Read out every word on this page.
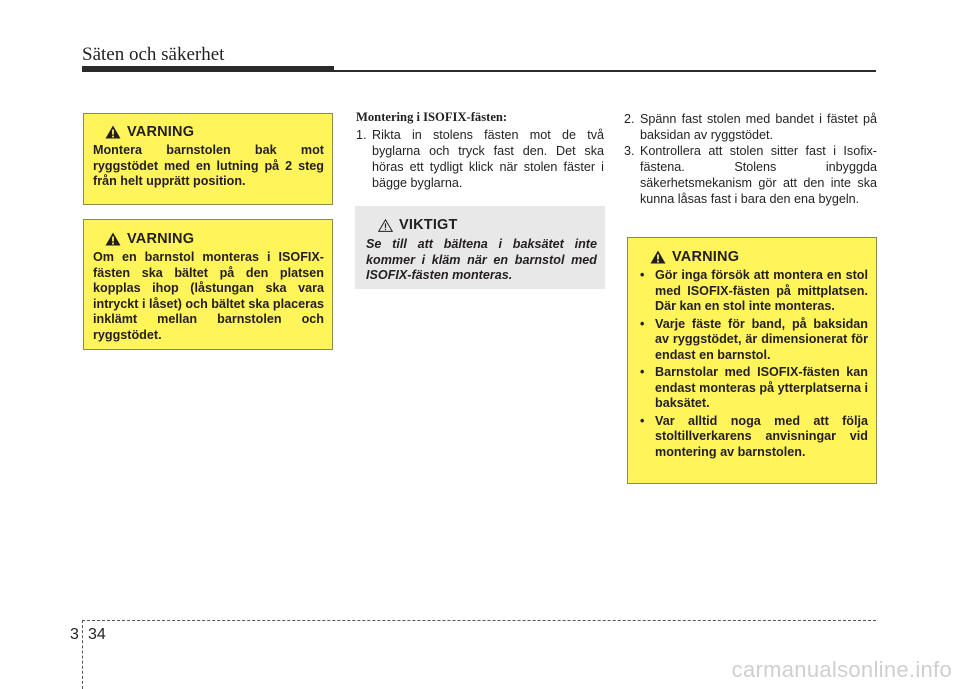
Säten och säkerhet
VARNING

Montera barnstolen bak mot ryggstödet med en lutning på 2 steg från helt upprätt position.

VARNING

Om en barnstol monteras i ISOFIX-fästen ska bältet på den platsen kopplas ihop (låstungan ska vara intryckt i låset) och bältet ska placeras inklämt mellan barnstolen och ryggstödet.

Montering i ISOFIX-fästen:
1. Rikta in stolens fästen mot de två byglarna och tryck fast den. Det ska höras ett tydligt klick när stolen fäster i bägge byglarna.
VIKTIGT

Se till att bältena i baksätet inte kommer i kläm när en barnstol med ISOFIX-fästen monteras.

2. Spänn fast stolen med bandet i fästet på baksidan av ryggstödet.
3. Kontrollera att stolen sitter fast i Isofix-fästena. Stolens inbyggda säkerhetsmekanism gör att den inte ska kunna låsas fast i bara den ena bygeln.
VARNING
• Gör inga försök att montera en stol med ISOFIX-fästen på mittplatsen. Där kan en stol inte monteras.
• Varje fäste för band, på baksidan av ryggstödet, är dimensionerat för endast en barnstol.
• Barnstolar med ISOFIX-fästen kan endast monteras på ytterplatserna i baksätet.
• Var alltid noga med att följa stoltillverkarens anvisningar vid montering av barnstolen.
3 34
carmanualsonline.info
